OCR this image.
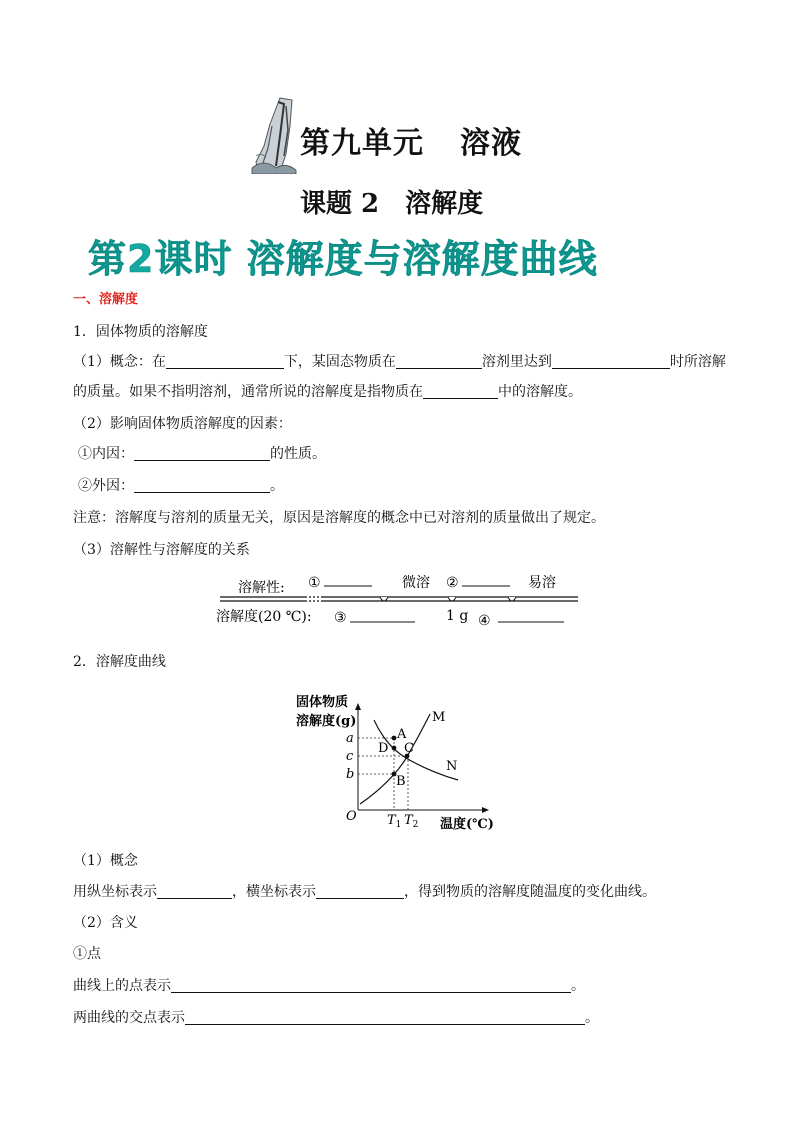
第九单元 溶液
课题 2 溶解度
第2课时 溶解度与溶解度曲线
一、溶解度
1．固体物质的溶解度
（1）概念：在	下，某固态物质在	溶剂里达到	时所溶解
的质量。如果不指明溶剂，通常所说的溶解度是指物质在	中的溶解度。
（2）影响固体物质溶解度的因素：
①内因：	的性质。
②外因：	。
注意：溶解度与溶剂的质量无关，原因是溶解度的概念中已对溶剂的质量做出了规定。
（3）溶解性与溶解度的关系
溶解性:
溶解度(20 ℃):
①	微溶 ②	易溶
③	1 g ④
2．溶解度曲线
固体物质
溶解度(g)
O
A
D C
B
M
N
a
c
b
$T_1$ $T_2$ 温度(℃)
（1）概念
用纵坐标表示	，横坐标表示	，得到物质的溶解度随温度的变化曲线。
（2）含义
①点
曲线上的点表示	。
两曲线的交点表示	。
